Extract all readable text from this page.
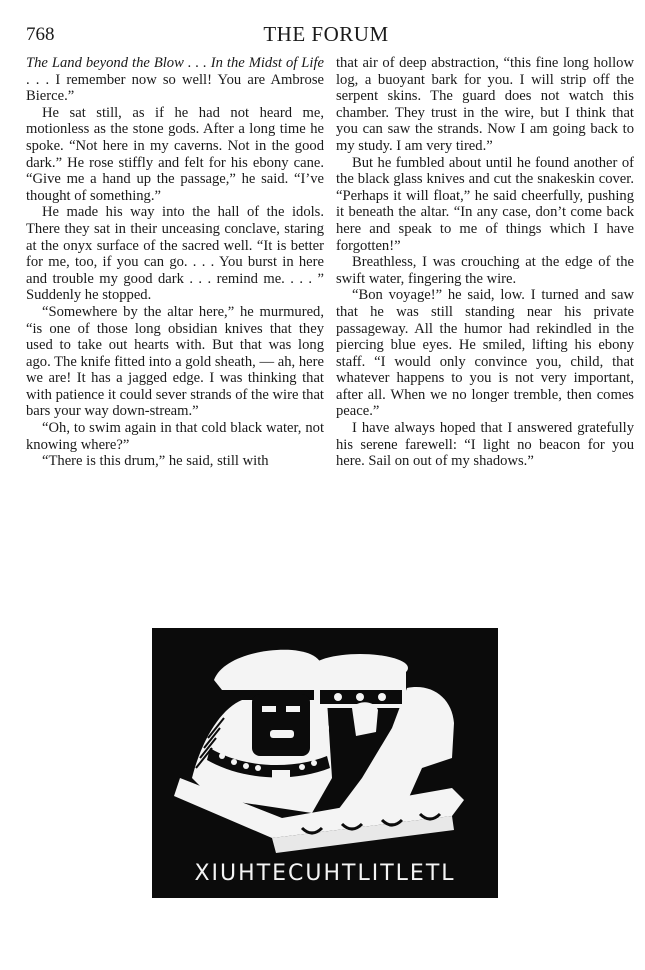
768	THE FORUM

The Land beyond the Blow . . . In the Midst of Life . . . I remember now so well! You are Ambrose Bierce.”

He sat still, as if he had not heard me, motionless as the stone gods. After a long time he spoke. “Not here in my caverns. Not in the good dark.” He rose stiffly and felt for his ebony cane. “Give me a hand up the passage,” he said. “I’ve thought of something.”

He made his way into the hall of the idols. There they sat in their unceasing conclave, staring at the onyx surface of the sacred well. “It is better for me, too, if you can go. . . . You burst in here and trouble my good dark . . . remind me. . . . ” Suddenly he stopped.

“Somewhere by the altar here,” he murmured, “is one of those long obsidian knives that they used to take out hearts with. But that was long ago. The knife fitted into a gold sheath, — ah, here we are! It has a jagged edge. I was thinking that with patience it could sever strands of the wire that bars your way down-stream.”

“Oh, to swim again in that cold black water, not knowing where?”

“There is this drum,” he said, still with

that air of deep abstraction, “this fine long hollow log, a buoyant bark for you. I will strip off the serpent skins. The guard does not watch this chamber. They trust in the wire, but I think that you can saw the strands. Now I am going back to my study. I am very tired.”

But he fumbled about until he found another of the black glass knives and cut the snakeskin cover. “Perhaps it will float,” he said cheerfully, pushing it beneath the altar. “In any case, don’t come back here and speak to me of things which I have forgotten!”

Breathless, I was crouching at the edge of the swift water, fingering the wire.

“Bon voyage!” he said, low. I turned and saw that he was still standing near his private passageway. All the humor had rekindled in the piercing blue eyes. He smiled, lifting his ebony staff. “I would only convince you, child, that whatever happens to you is not very important, after all. When we no longer tremble, then comes peace.”

I have always hoped that I answered gratefully his serene farewell: “I light no beacon for you here. Sail on out of my shadows.”

XIUHTECUHTLITLETL
